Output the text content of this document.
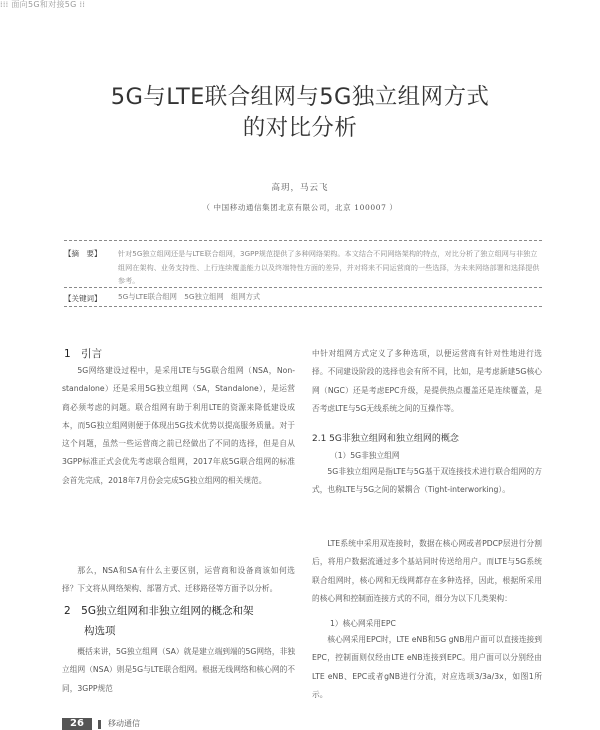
⁞⁞⁞ 面向5G和对接5G ⁞⁞
5G与LTE联合组网与5G独立组网方式
的对比分析
高玥，马云飞
（ 中国移动通信集团北京有限公司，北京 100007 ）
【摘　要】 针对5G独立组网还是与LTE联合组网，3GPP规范提供了多种网络架构。本文结合不同网络架构的特点，对比分析了独立组网与非独立组网在架构、业务支持性、上行连续覆盖能力以及终端特性方面的差异，并对将来不同运营商的一些选择，为未来网络部署和选择提供参考。
【关键词】 5G与LTE联合组网 5G独立组网 组网方式
1　引言

5G网络建设过程中，是采用LTE与5G联合组网（NSA，Non-standalone）还是采用5G独立组网（SA，Standalone），是运营商必须考虑的问题。联合组网有助于利用LTE的资源来降低建设成本，而5G独立组网则便于体现出5G技术优势以提高服务质量。对于这个问题，虽然一些运营商之前已经做出了不同的选择，但是自从3GPP标准正式会优先考虑联合组网，2017年底5G联合组网的标准会首先完成，2018年7月份会完成5G独立组网的相关规范。

那么，NSA和SA有什么主要区别，运营商和设备商该如何选择？下文将从网络架构、部署方式、迁移路径等方面予以分析。

2　5G独立组网和非独立组网的概念和架
构选项

概括来讲，5G独立组网（SA）就是建立端到端的5G网络，非独立组网（NSA）则是5G与LTE联合组网。根据无线网络和核心网的不同，3GPP规范

中针对组网方式定义了多种选项，以便运营商有针对性地进行选择。不同建设阶段的选择也会有所不同，比如，是考虑新建5G核心网（NGC）还是考虑EPC升级，是提供热点覆盖还是连续覆盖，是否考虑LTE与5G无线系统之间的互操作等。

2.1 5G非独立组网和独立组网的概念
（1）5G非独立组网

5G非独立组网是指LTE与5G基于双连接技术进行联合组网的方式，也称LTE与5G之间的紧耦合（Tight-interworking）。

LTE系统中采用双连接时，数据在核心网或者PDCP层进行分割后，将用户数据流通过多个基站同时传送给用户。而LTE与5G系统联合组网时，核心网和无线网都存在多种选择，因此，根据所采用的核心网和控制面连接方式的不同，细分为以下几类架构：

1）核心网采用EPC

核心网采用EPC时，LTE eNB和5G gNB用户面可以直接连接到EPC，控制面则仅经由LTE eNB连接到EPC。用户面可以分别经由LTE eNB、EPC或者gNB进行分流，对应选项3/3a/3x，如图1所示。

26	移动通信
